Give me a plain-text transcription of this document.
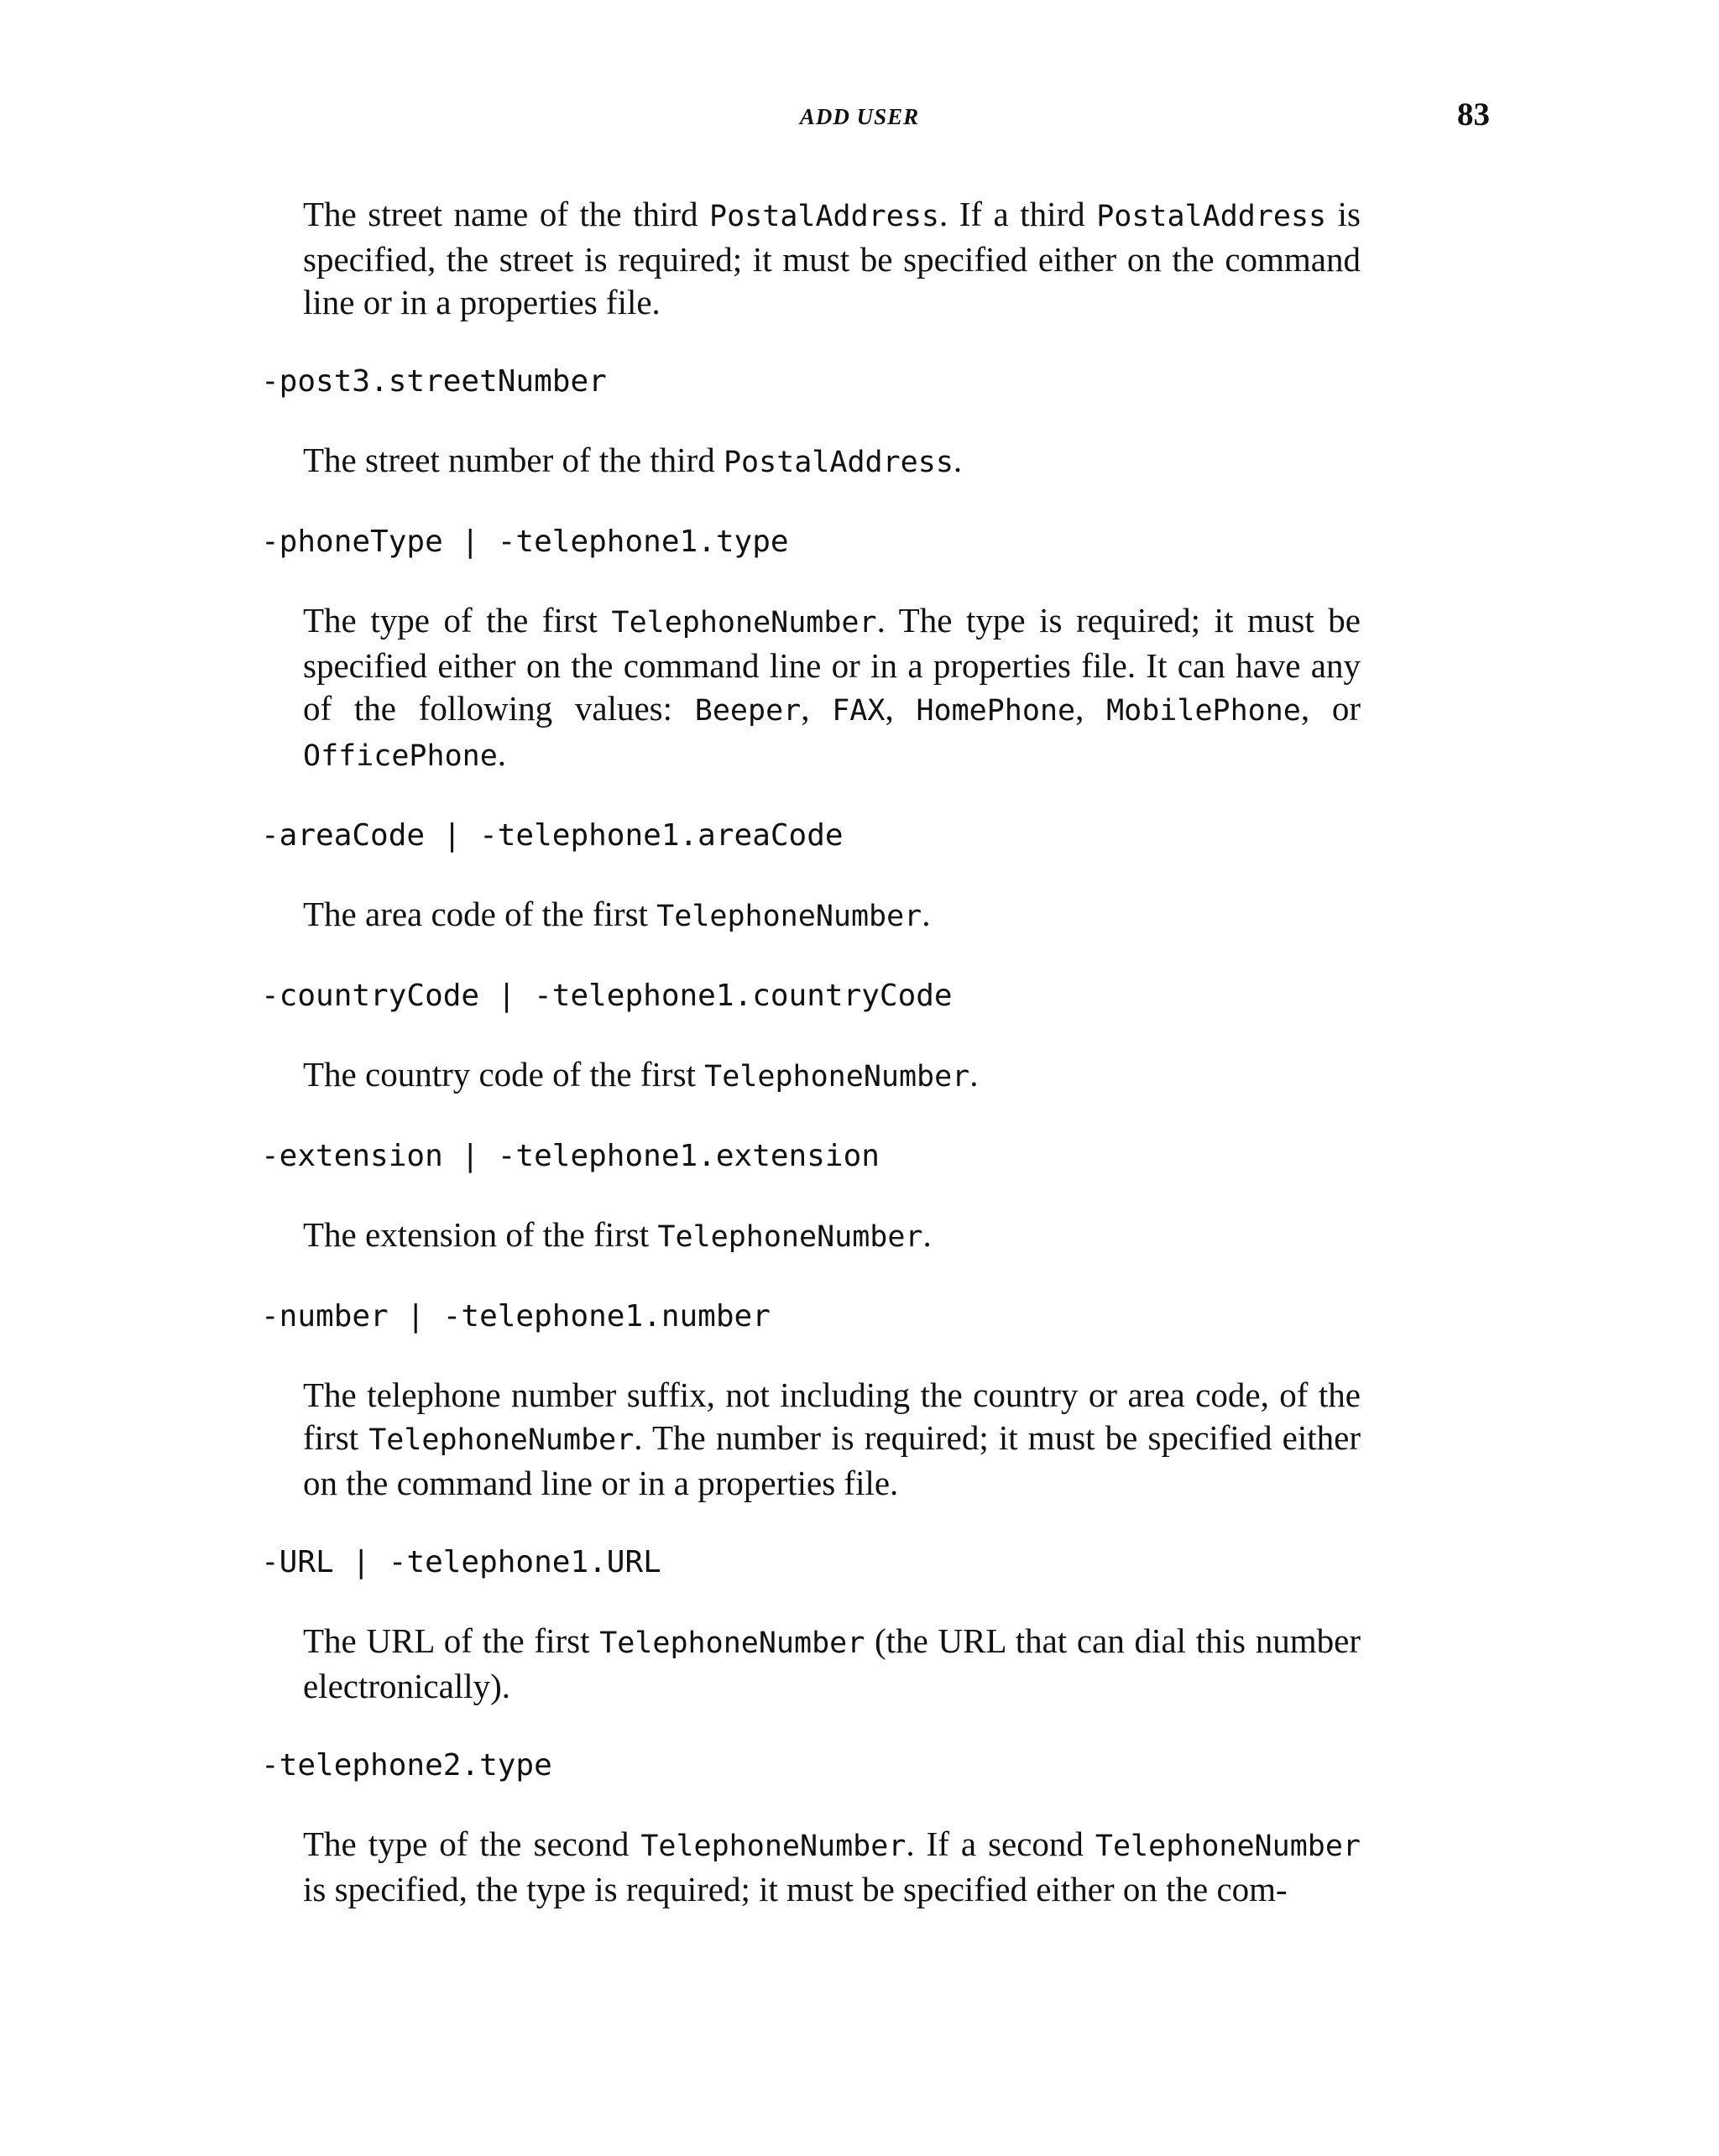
ADD USER	83

The street name of the third PostalAddress. If a third PostalAddress is specified, the street is required; it must be specified either on the command line or in a properties file.

-post3.streetNumber

The street number of the third PostalAddress.

-phoneType | -telephone1.type

The type of the first TelephoneNumber. The type is required; it must be specified either on the command line or in a properties file. It can have any of the following values: Beeper, FAX, HomePhone, MobilePhone, or OfficePhone.

-areaCode | -telephone1.areaCode

The area code of the first TelephoneNumber.

-countryCode | -telephone1.countryCode

The country code of the first TelephoneNumber.

-extension | -telephone1.extension

The extension of the first TelephoneNumber.

-number | -telephone1.number

The telephone number suffix, not including the country or area code, of the first TelephoneNumber. The number is required; it must be specified either on the command line or in a properties file.

-URL | -telephone1.URL

The URL of the first TelephoneNumber (the URL that can dial this number electronically).

-telephone2.type

The type of the second TelephoneNumber. If a second TelephoneNumber is specified, the type is required; it must be specified either on the com-
